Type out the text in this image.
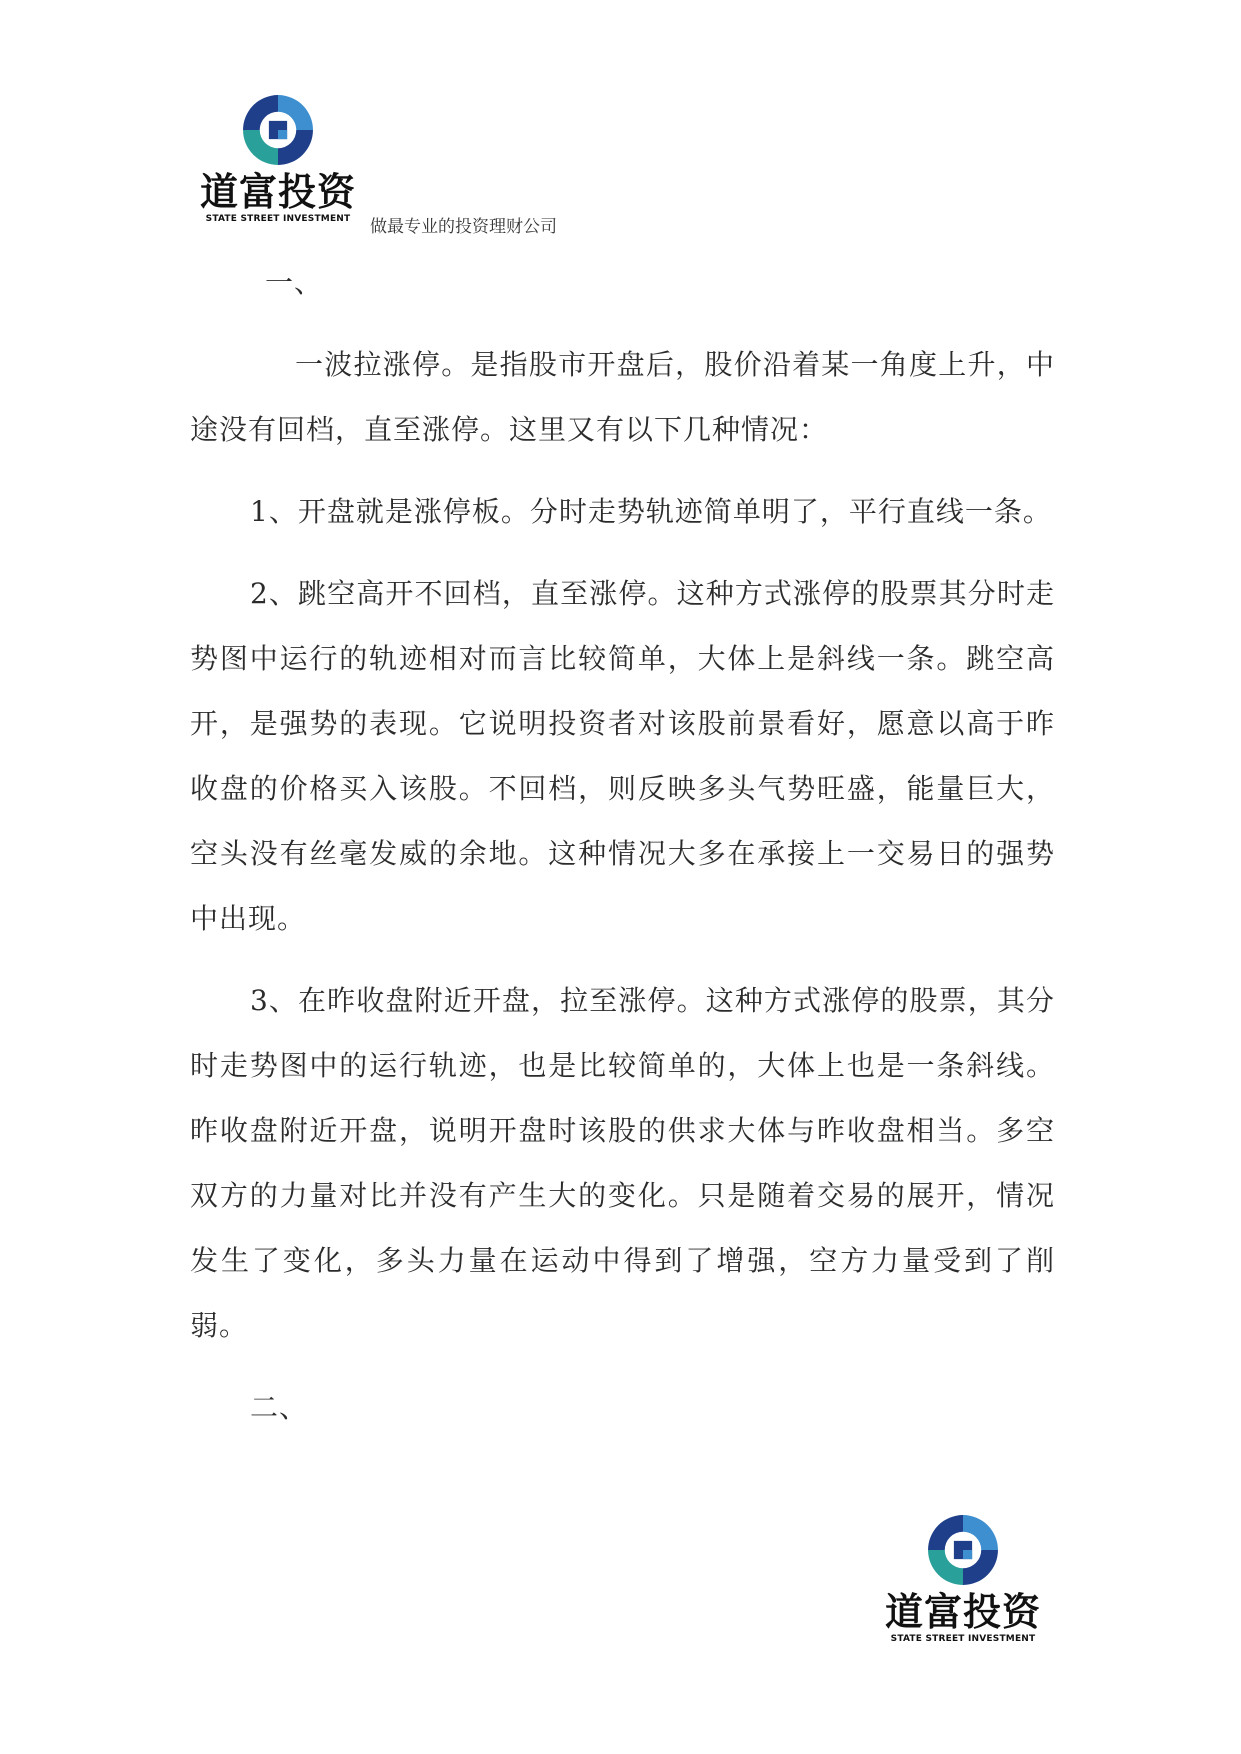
道富投资
STATE STREET INVESTMENT 做最专业的投资理财公司

一、

一波拉涨停。是指股市开盘后，股价沿着某一角度上升，中途没有回档，直至涨停。这里又有以下几种情况：

1、开盘就是涨停板。分时走势轨迹简单明了，平行直线一条。

2、跳空高开不回档，直至涨停。这种方式涨停的股票其分时走势图中运行的轨迹相对而言比较简单，大体上是斜线一条。跳空高开，是强势的表现。它说明投资者对该股前景看好，愿意以高于昨收盘的价格买入该股。不回档，则反映多头气势旺盛，能量巨大，空头没有丝毫发威的余地。这种情况大多在承接上一交易日的强势中出现。

3、在昨收盘附近开盘，拉至涨停。这种方式涨停的股票，其分时走势图中的运行轨迹，也是比较简单的，大体上也是一条斜线。昨收盘附近开盘，说明开盘时该股的供求大体与昨收盘相当。多空双方的力量对比并没有产生大的变化。只是随着交易的展开，情况发生了变化，多头力量在运动中得到了增强，空方力量受到了削弱。

二、

道富投资
STATE STREET INVESTMENT
